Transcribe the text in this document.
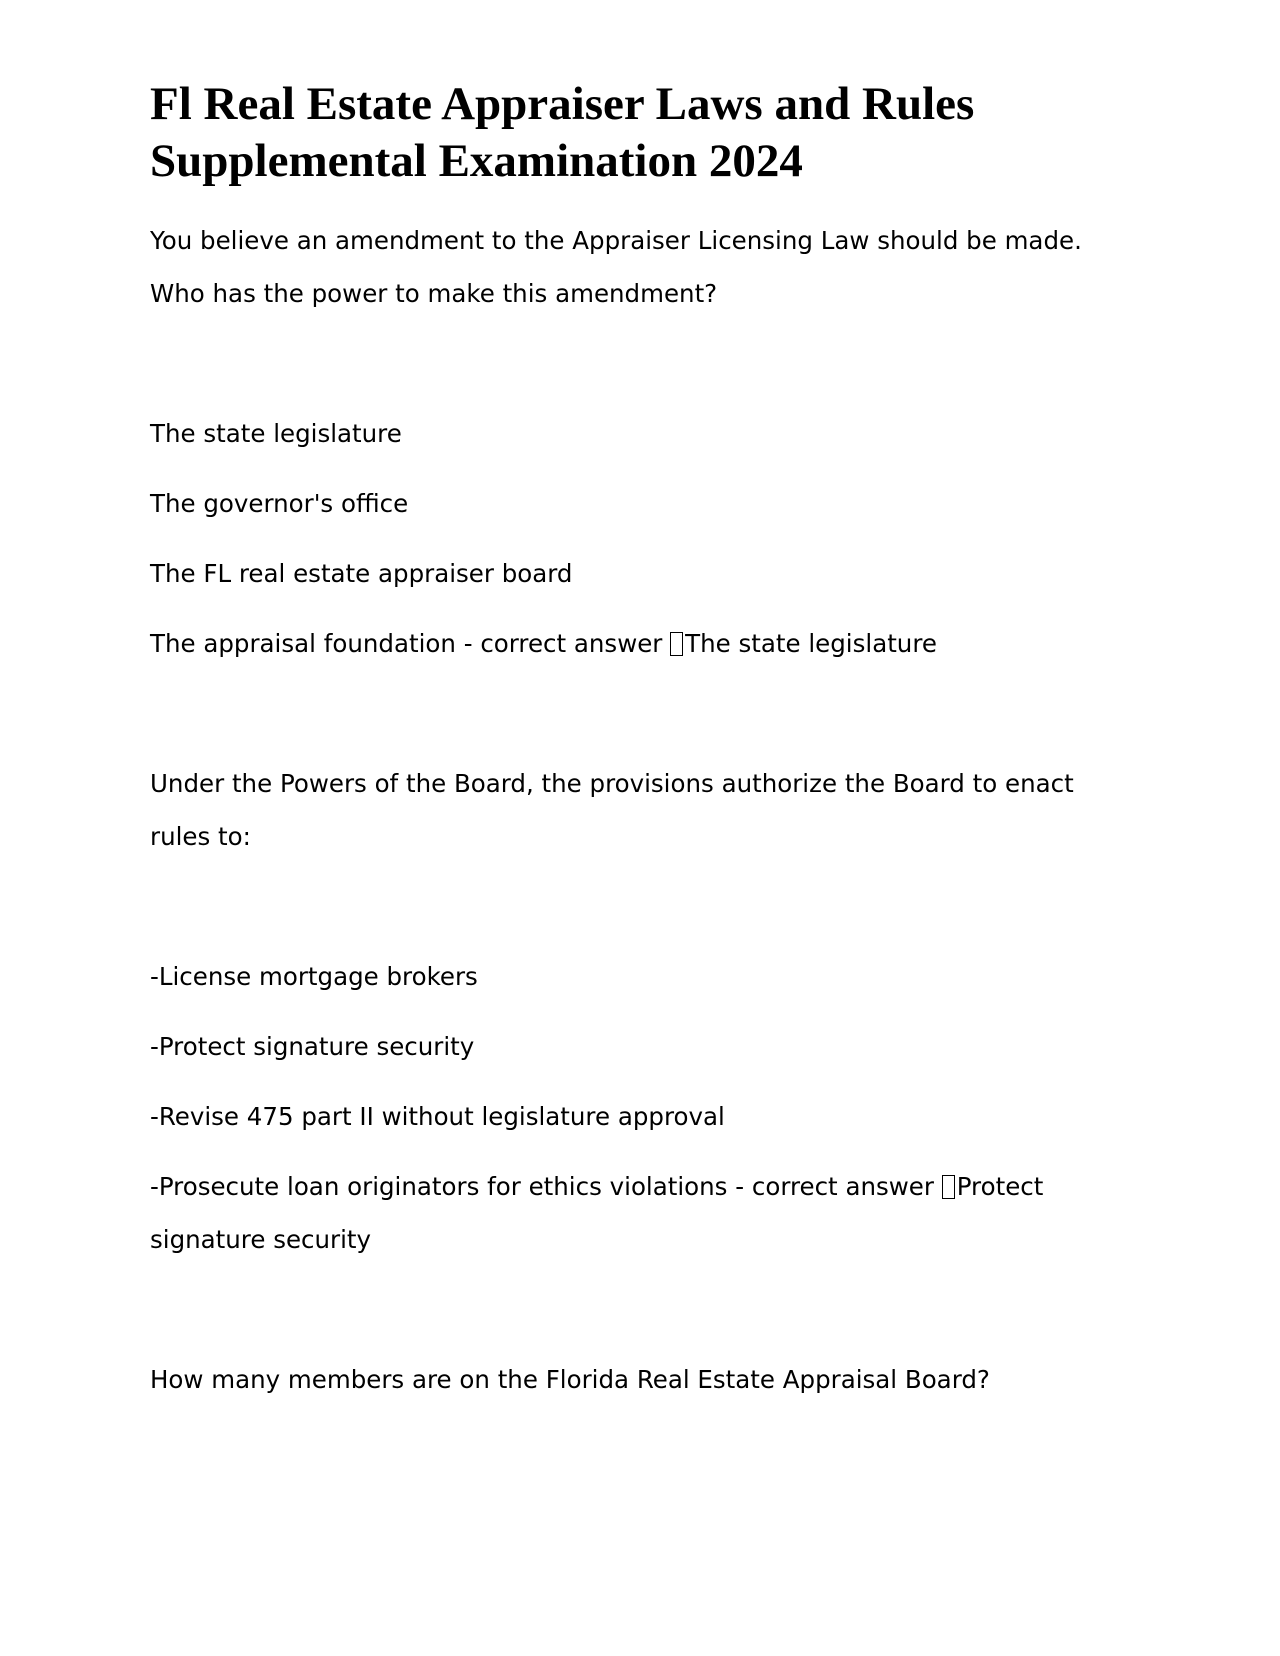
Fl Real Estate Appraiser Laws and Rules Supplemental Examination 2024

You believe an amendment to the Appraiser Licensing Law should be made. Who has the power to make this amendment?

The state legislature

The governor's office

The FL real estate appraiser board

The appraisal foundation - correct answer The state legislature

Under the Powers of the Board, the provisions authorize the Board to enact rules to:

-License mortgage brokers

-Protect signature security

-Revise 475 part II without legislature approval

-Prosecute loan originators for ethics violations - correct answer Protect signature security

How many members are on the Florida Real Estate Appraisal Board?
